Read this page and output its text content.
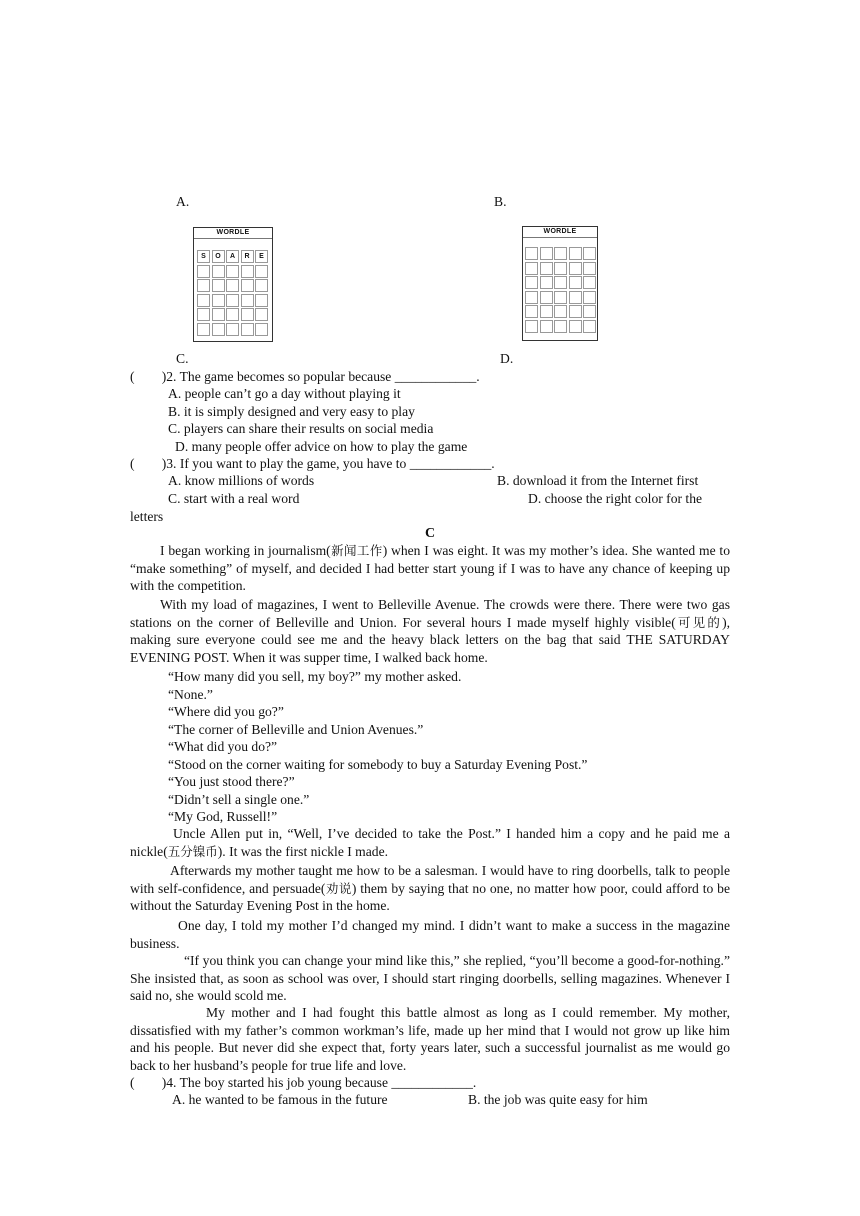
A.	B.
WORDLE
S	O	A	R	E
WORDLE
C.	D.
(  )2. The game becomes so popular because ____________.
A. people can’t go a day without playing it
B. it is simply designed and very easy to play
C. players can share their results on social media
D. many people offer advice on how to play the game
(  )3. If you want to play the game, you have to ____________.
A. know millions of words	B. download it from the Internet first
C. start with a real word	D. choose the right color for the
letters
C
I began working in journalism(新闻工作) when I was eight. It was my mother’s idea. She wanted me to “make something” of myself, and decided I had better start young if I was to have any chance of keeping up with the competition.
With my load of magazines, I went to Belleville Avenue. The crowds were there. There were two gas stations on the corner of Belleville and Union. For several hours I made myself highly visible(可见的), making sure everyone could see me and the heavy black letters on the bag that said THE SATURDAY EVENING POST. When it was supper time, I walked back home.
“How many did you sell, my boy?” my mother asked.
“None.”
“Where did you go?”
“The corner of Belleville and Union Avenues.”
“What did you do?”
“Stood on the corner waiting for somebody to buy a Saturday Evening Post.”
“You just stood there?”
“Didn’t sell a single one.”
“My God, Russell!”
Uncle Allen put in, “Well, I’ve decided to take the Post.” I handed him a copy and he paid me a nickle(五分镍币). It was the first nickle I made.
Afterwards my mother taught me how to be a salesman. I would have to ring doorbells, talk to people with self-confidence, and persuade(劝说) them by saying that no one, no matter how poor, could afford to be without the Saturday Evening Post in the home.
One day, I told my mother I’d changed my mind. I didn’t want to make a success in the magazine business.
“If you think you can change your mind like this,” she replied, “you’ll become a good-for-nothing.” She insisted that, as soon as school was over, I should start ringing doorbells, selling magazines. Whenever I said no, she would scold me.
My mother and I had fought this battle almost as long as I could remember. My mother, dissatisfied with my father’s common workman’s life, made up her mind that I would not grow up like him and his people. But never did she expect that, forty years later, such a successful journalist as me would go back to her husband’s people for true life and love.
(  )4. The boy started his job young because ____________.
A. he wanted to be famous in the future	B. the job was quite easy for him
